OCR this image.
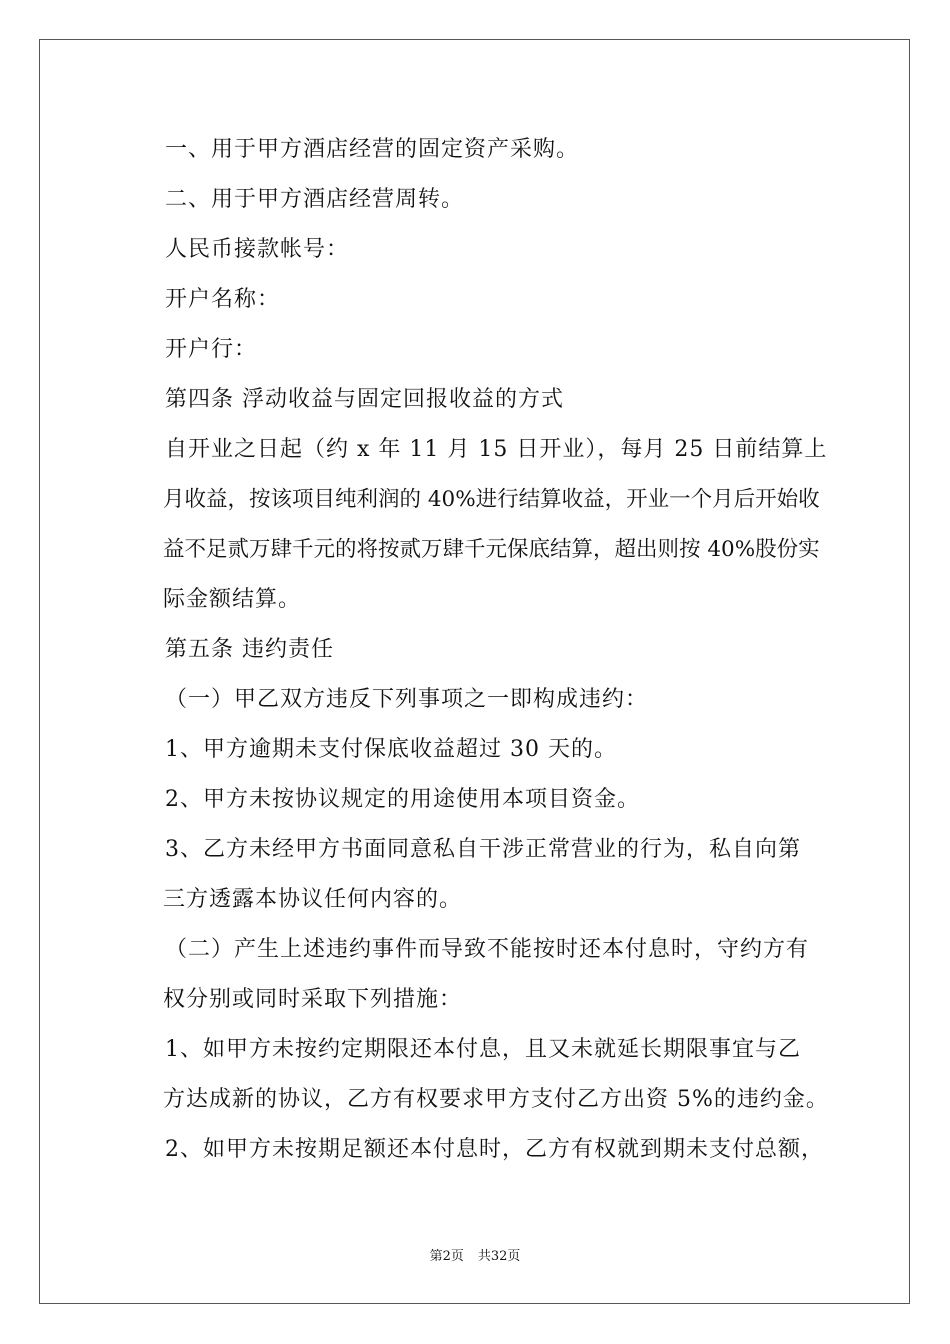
一、用于甲方酒店经营的固定资产采购。
二、用于甲方酒店经营周转。
人民币接款帐号：
开户名称：
开户行：
第四条 浮动收益与固定回报收益的方式
自开业之日起（约 x 年 11 月 15 日开业），每月 25 日前结算上
月收益，按该项目纯利润的 40%进行结算收益，开业一个月后开始收
益不足贰万肆千元的将按贰万肆千元保底结算，超出则按 40%股份实
际金额结算。
第五条 违约责任
（一）甲乙双方违反下列事项之一即构成违约：
1、甲方逾期未支付保底收益超过 30 天的。
2、甲方未按协议规定的用途使用本项目资金。
3、乙方未经甲方书面同意私自干涉正常营业的行为，私自向第
三方透露本协议任何内容的。
（二）产生上述违约事件而导致不能按时还本付息时，守约方有
权分别或同时采取下列措施：
1、如甲方未按约定期限还本付息，且又未就延长期限事宜与乙
方达成新的协议，乙方有权要求甲方支付乙方出资 5%的违约金。
2、如甲方未按期足额还本付息时，乙方有权就到期未支付总额，
第2页 共32页
